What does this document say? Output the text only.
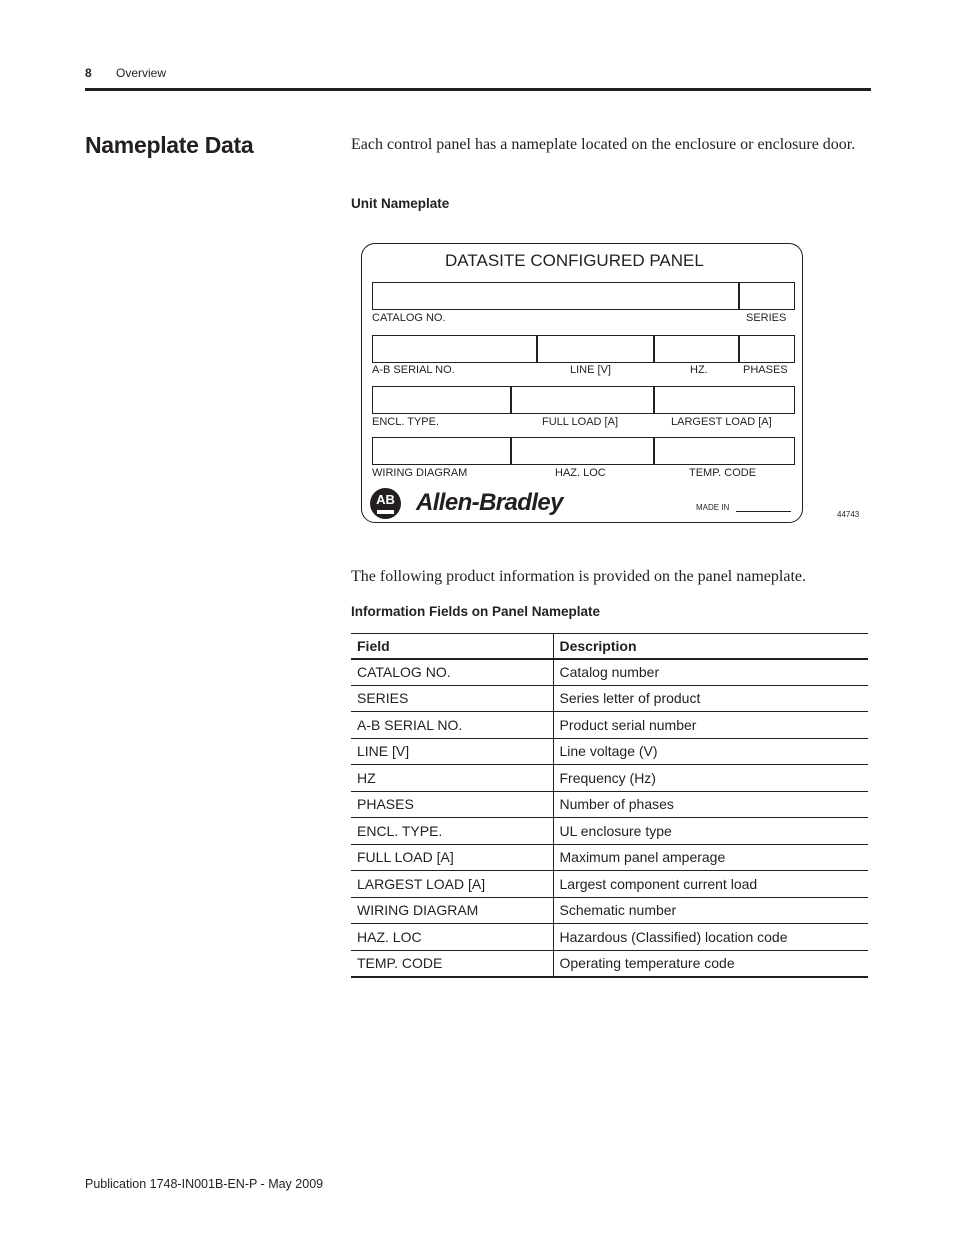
8 Overview
Nameplate Data	Each control panel has a nameplate located on the enclosure or enclosure door.
Unit Nameplate
DATASITE CONFIGURED PANEL
CATALOG NO.	SERIES
A-B SERIAL NO.	LINE [V]	HZ.	PHASES
ENCL. TYPE.	FULL LOAD [A]	LARGEST LOAD [A]
WIRING DIAGRAM	HAZ. LOC	TEMP. CODE
AB Allen-Bradley	MADE IN
44743
The following product information is provided on the panel nameplate.
Information Fields on Panel Nameplate
Field	Description
CATALOG NO.	Catalog number
SERIES	Series letter of product
A-B SERIAL NO.	Product serial number
LINE [V]	Line voltage (V)
HZ	Frequency (Hz)
PHASES	Number of phases
ENCL. TYPE.	UL enclosure type
FULL LOAD [A]	Maximum panel amperage
LARGEST LOAD [A]	Largest component current load
WIRING DIAGRAM	Schematic number
HAZ. LOC	Hazardous (Classified) location code
TEMP. CODE	Operating temperature code
Publication 1748-IN001B-EN-P - May 2009
